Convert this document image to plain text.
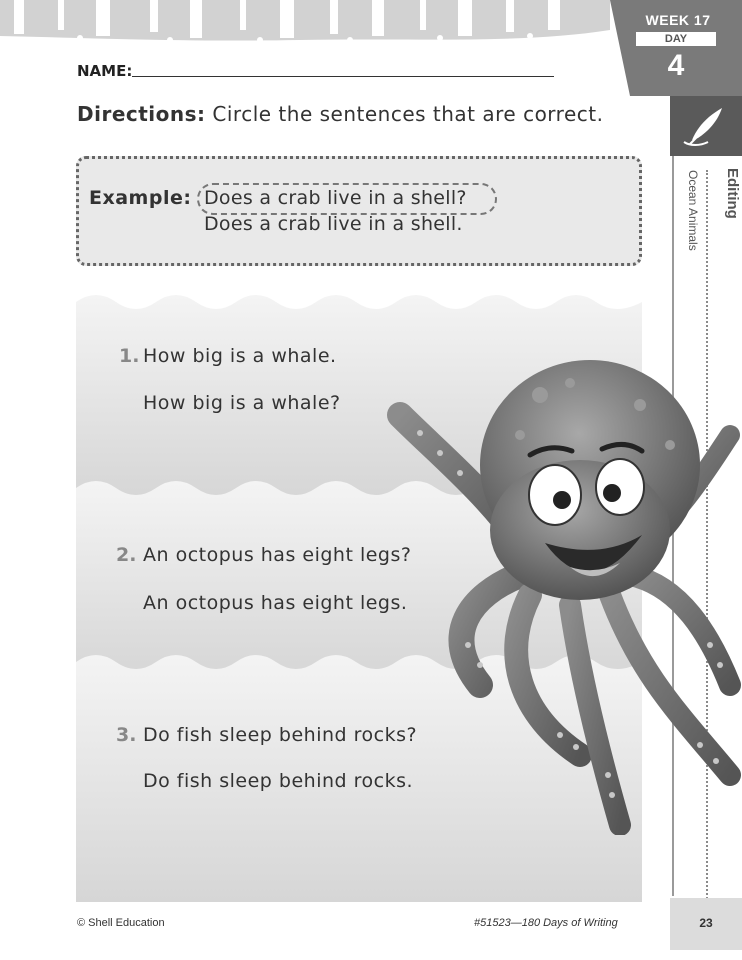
WEEK 17
DAY
4
Editing
Ocean Animals
NAME:
Directions: Circle the sentences that are correct.
Example: Does a crab live in a shell?
Does a crab live in a shell.
1. How big is a whale.
How big is a whale?
2. An octopus has eight legs?
An octopus has eight legs.
3. Do fish sleep behind rocks?
Do fish sleep behind rocks.
© Shell Education	#51523—180 Days of Writing	23
